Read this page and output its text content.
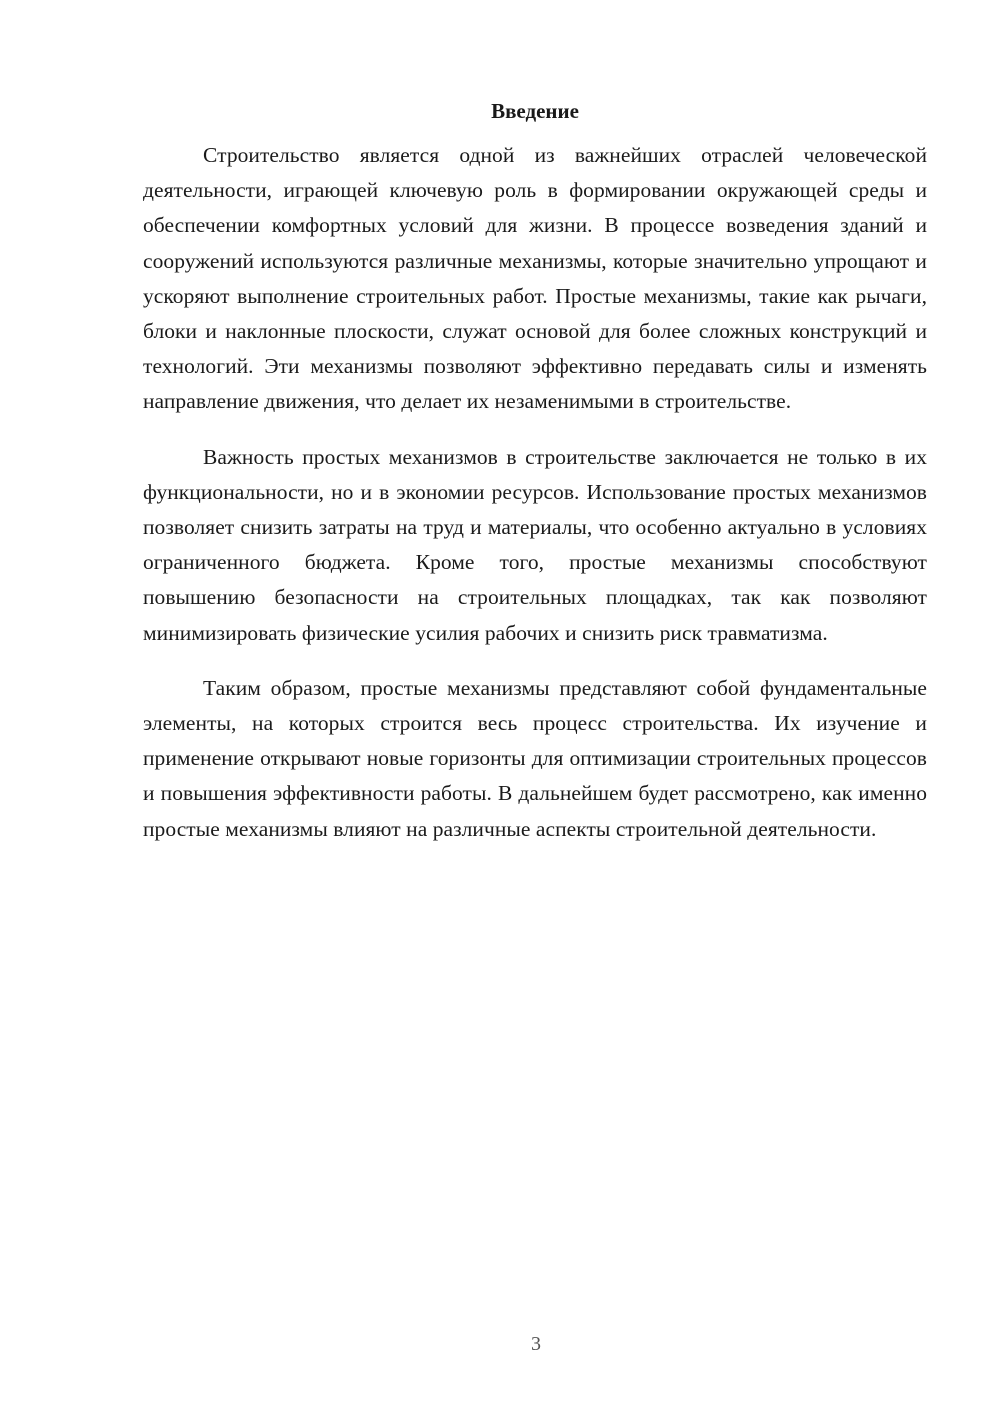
Введение

Строительство является одной из важнейших отраслей человеческой деятельности, играющей ключевую роль в формировании окружающей среды и обеспечении комфортных условий для жизни. В процессе возведения зданий и сооружений используются различные механизмы, которые значительно упрощают и ускоряют выполнение строительных работ. Простые механизмы, такие как рычаги, блоки и наклонные плоскости, служат основой для более сложных конструкций и технологий. Эти механизмы позволяют эффективно передавать силы и изменять направление движения, что делает их незаменимыми в строительстве.

Важность простых механизмов в строительстве заключается не только в их функциональности, но и в экономии ресурсов. Использование простых механизмов позволяет снизить затраты на труд и материалы, что особенно актуально в условиях ограниченного бюджета. Кроме того, простые механизмы способствуют повышению безопасности на строительных площадках, так как позволяют минимизировать физические усилия рабочих и снизить риск травматизма.

Таким образом, простые механизмы представляют собой фундаментальные элементы, на которых строится весь процесс строительства. Их изучение и применение открывают новые горизонты для оптимизации строительных процессов и повышения эффективности работы. В дальнейшем будет рассмотрено, как именно простые механизмы влияют на различные аспекты строительной деятельности.

3
